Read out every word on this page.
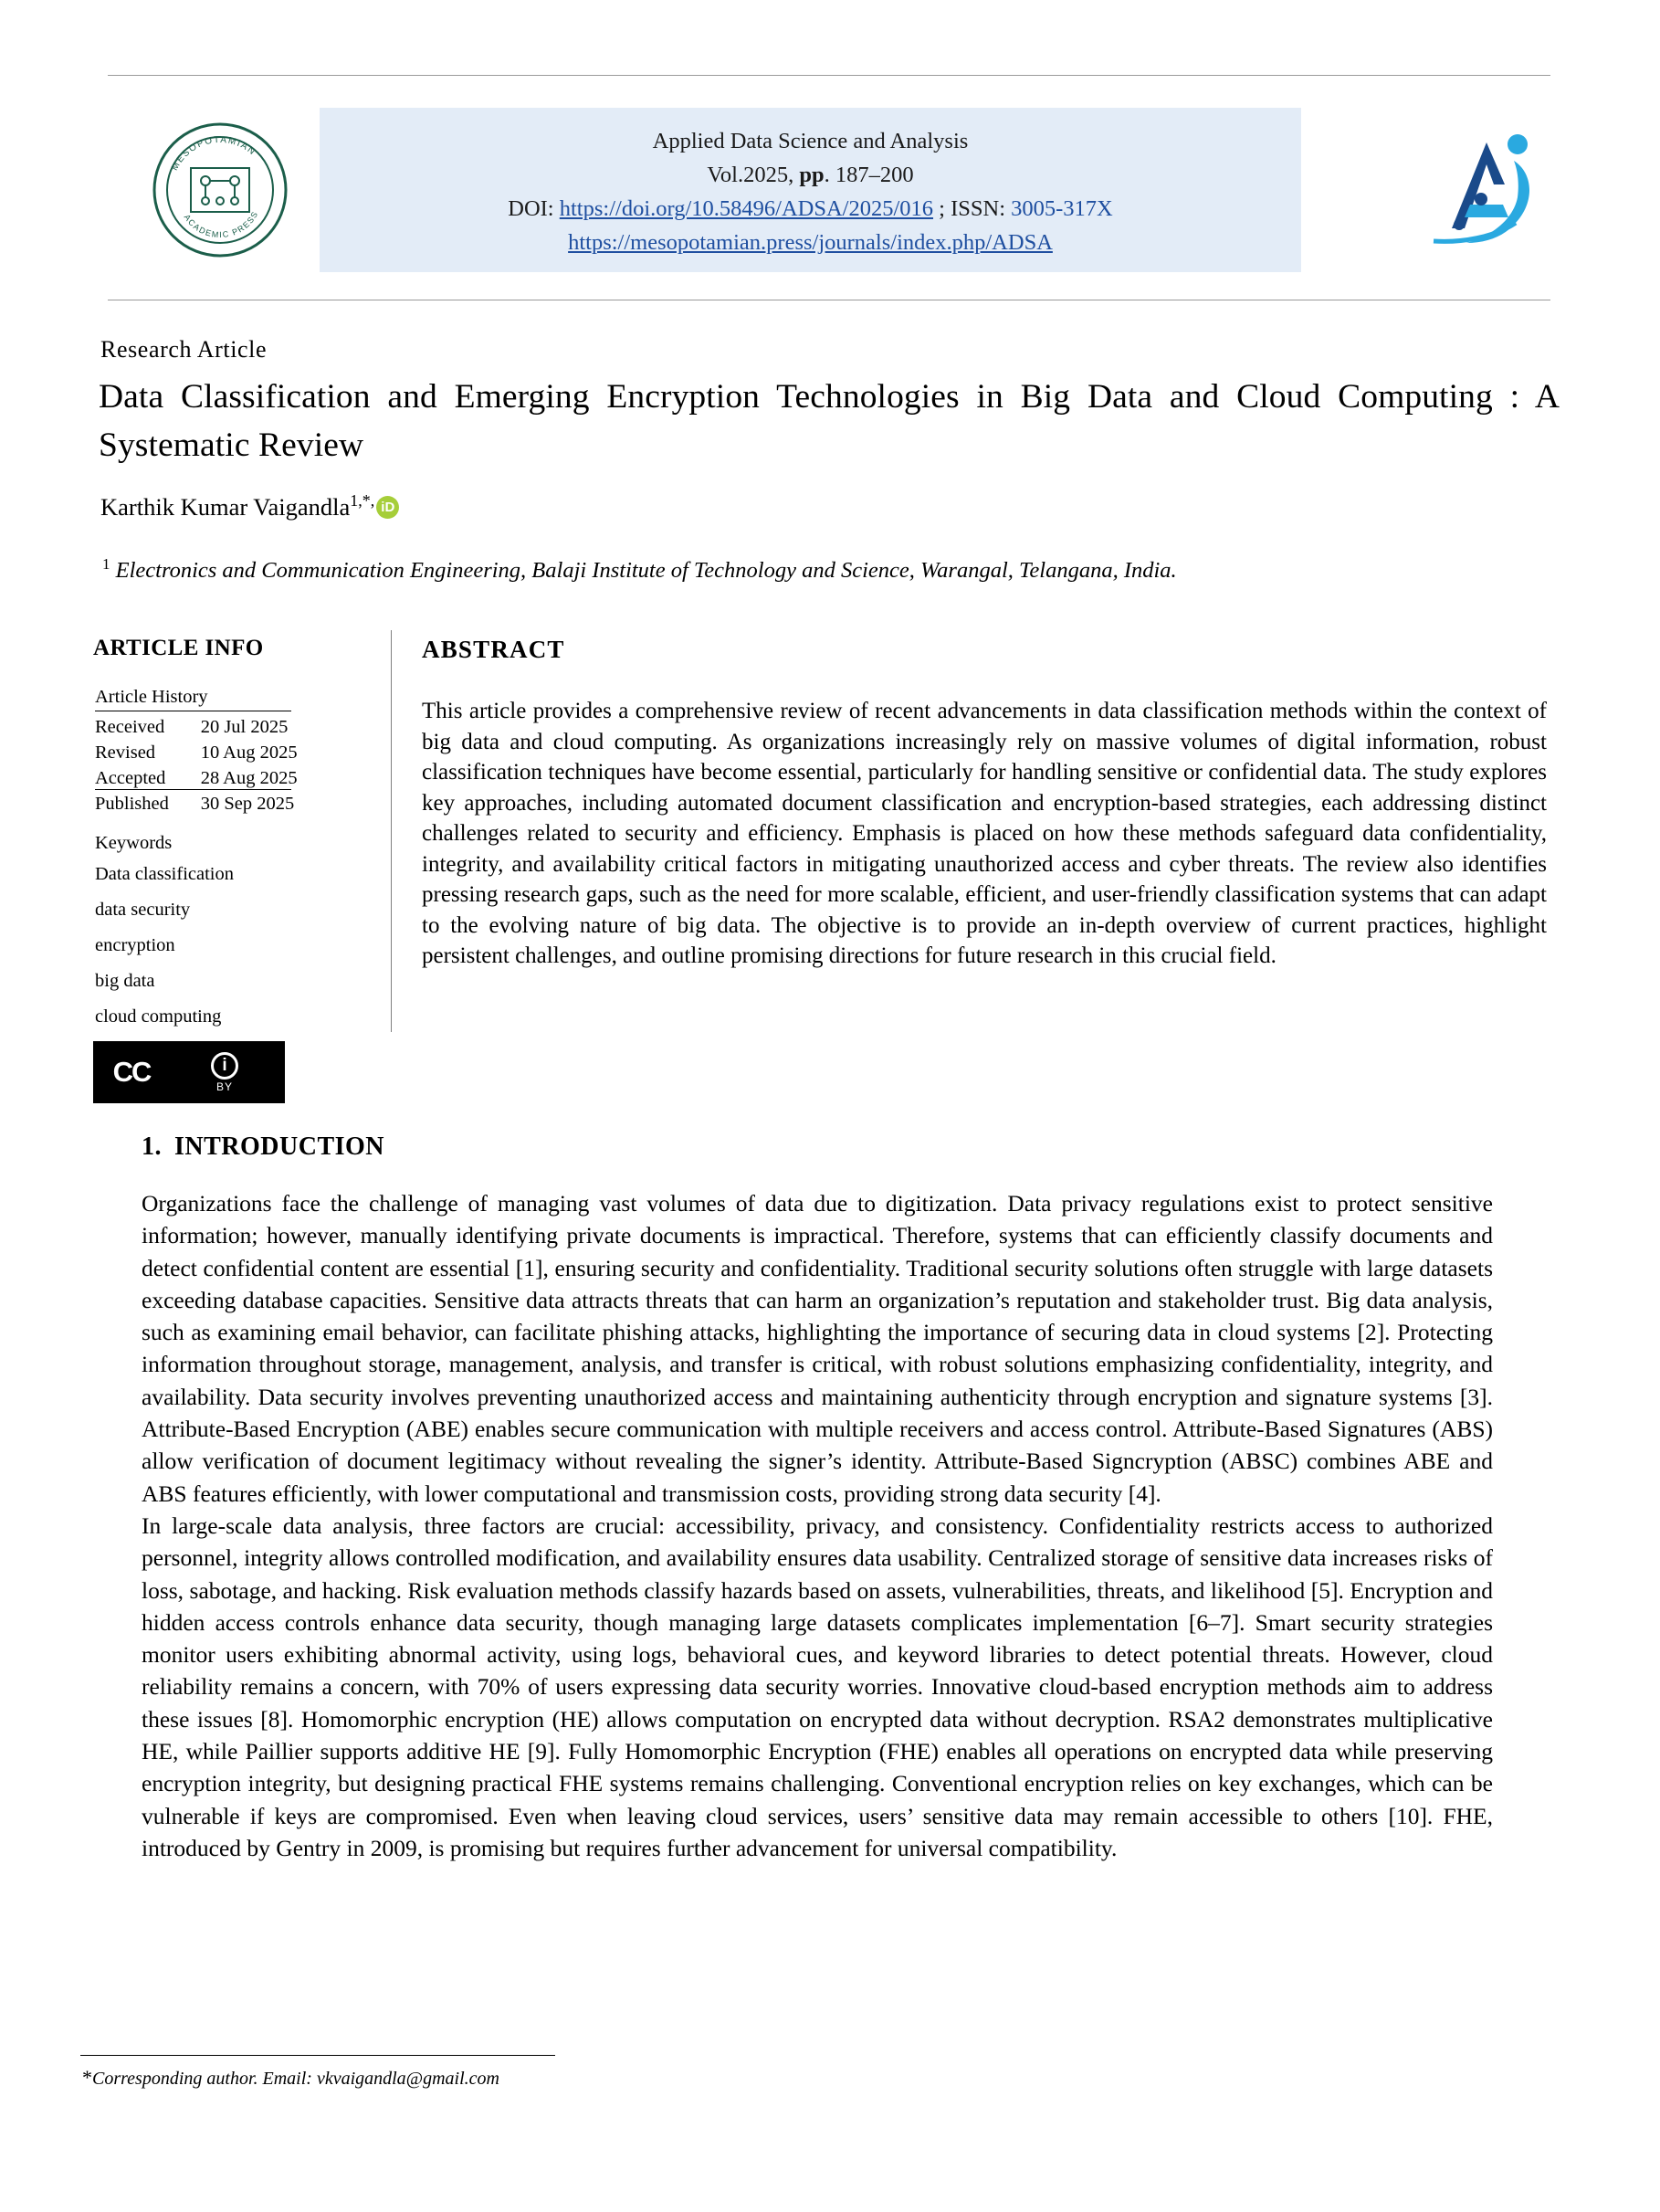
MESOPOTAMIAN
ACADEMIC PRESS
Applied Data Science and Analysis
Vol.2025, pp. 187–200
DOI: https://doi.org/10.58496/ADSA/2025/016 ; ISSN: 3005-317X
https://mesopotamian.press/journals/index.php/ADSA
Research Article
Data Classification and Emerging Encryption Technologies in Big Data and Cloud Computing : A Systematic Review
Karthik Kumar Vaigandla$^{1,*,}$ iD
$^1$ Electronics and Communication Engineering, Balaji Institute of Technology and Science, Warangal, Telangana, India.
ARTICLE INFO	ABSTRACT
Article History
Received	20 Jul 2025
Revised	10 Aug 2025
Accepted	28 Aug 2025
Published	30 Sep 2025
Keywords
Data classification
data security
encryption
big data
cloud computing
CC	i
BY
This article provides a comprehensive review of recent advancements in data classification methods within the context of big data and cloud computing. As organizations increasingly rely on massive volumes of digital information, robust classification techniques have become essential, particularly for handling sensitive or confidential data. The study explores key approaches, including automated document classification and encryption-based strategies, each addressing distinct challenges related to security and efficiency. Emphasis is placed on how these methods safeguard data confidentiality, integrity, and availability critical factors in mitigating unauthorized access and cyber threats. The review also identifies pressing research gaps, such as the need for more scalable, efficient, and user-friendly classification systems that can adapt to the evolving nature of big data. The objective is to provide an in-depth overview of current practices, highlight persistent challenges, and outline promising directions for future research in this crucial field.
1. INTRODUCTION

Organizations face the challenge of managing vast volumes of data due to digitization. Data privacy regulations exist to protect sensitive information; however, manually identifying private documents is impractical. Therefore, systems that can efficiently classify documents and detect confidential content are essential [1], ensuring security and confidentiality. Traditional security solutions often struggle with large datasets exceeding database capacities. Sensitive data attracts threats that can harm an organization’s reputation and stakeholder trust. Big data analysis, such as examining email behavior, can facilitate phishing attacks, highlighting the importance of securing data in cloud systems [2]. Protecting information throughout storage, management, analysis, and transfer is critical, with robust solutions emphasizing confidentiality, integrity, and availability. Data security involves preventing unauthorized access and maintaining authenticity through encryption and signature systems [3]. Attribute-Based Encryption (ABE) enables secure communication with multiple receivers and access control. Attribute-Based Signatures (ABS) allow verification of document legitimacy without revealing the signer’s identity. Attribute-Based Signcryption (ABSC) combines ABE and ABS features efficiently, with lower computational and transmission costs, providing strong data security [4].

In large-scale data analysis, three factors are crucial: accessibility, privacy, and consistency. Confidentiality restricts access to authorized personnel, integrity allows controlled modification, and availability ensures data usability. Centralized storage of sensitive data increases risks of loss, sabotage, and hacking. Risk evaluation methods classify hazards based on assets, vulnerabilities, threats, and likelihood [5]. Encryption and hidden access controls enhance data security, though managing large datasets complicates implementation [6–7]. Smart security strategies monitor users exhibiting abnormal activity, using logs, behavioral cues, and keyword libraries to detect potential threats. However, cloud reliability remains a concern, with 70% of users expressing data security worries. Innovative cloud-based encryption methods aim to address these issues [8]. Homomorphic encryption (HE) allows computation on encrypted data without decryption. RSA2 demonstrates multiplicative HE, while Paillier supports additive HE [9]. Fully Homomorphic Encryption (FHE) enables all operations on encrypted data while preserving encryption integrity, but designing practical FHE systems remains challenging. Conventional encryption relies on key exchanges, which can be vulnerable if keys are compromised. Even when leaving cloud services, users’ sensitive data may remain accessible to others [10]. FHE, introduced by Gentry in 2009, is promising but requires further advancement for universal compatibility.

*Corresponding author. Email: vkvaigandla@gmail.com
